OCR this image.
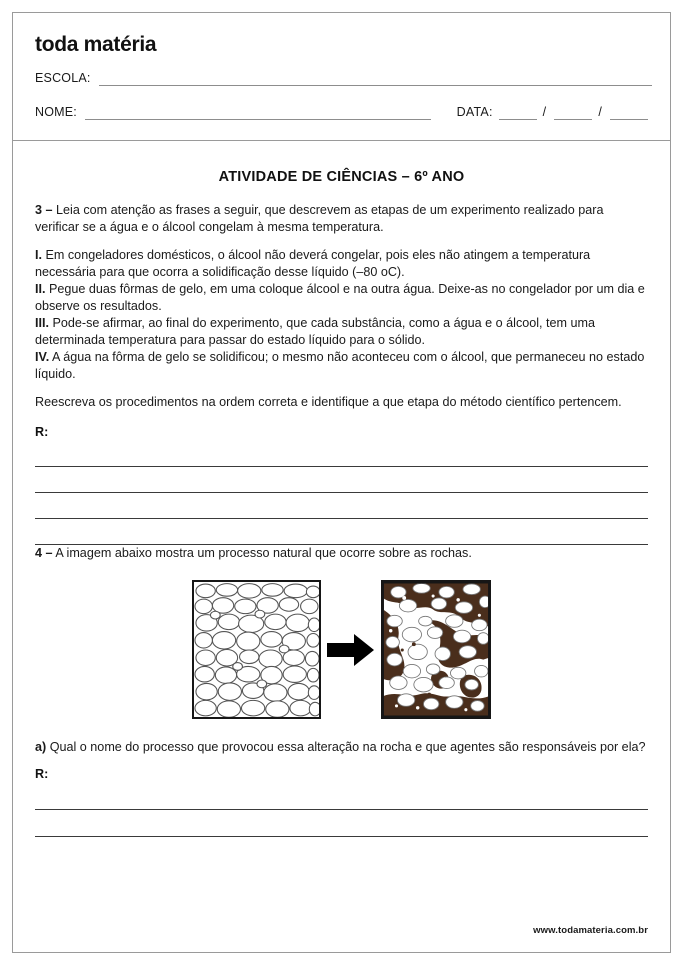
toda matéria
ESCOLA:
NOME:	DATA:	/	/
ATIVIDADE DE CIÊNCIAS – 6º ANO

3 – Leia com atenção as frases a seguir, que descrevem as etapas de um experimento realizado para verificar se a água e o álcool congelam à mesma temperatura.

I. Em congeladores domésticos, o álcool não deverá congelar, pois eles não atingem a temperatura necessária para que ocorra a solidificação desse líquido (–80 oC).
II. Pegue duas fôrmas de gelo, em uma coloque álcool e na outra água. Deixe-as no congelador por um dia e observe os resultados.
III. Pode-se afirmar, ao final do experimento, que cada substância, como a água e o álcool, tem uma determinada temperatura para passar do estado líquido para o sólido.
IV. A água na fôrma de gelo se solidificou; o mesmo não aconteceu com o álcool, que permaneceu no estado líquido.

Reescreva os procedimentos na ordem correta e identifique a que etapa do método científico pertencem.

R:

4 – A imagem abaixo mostra um processo natural que ocorre sobre as rochas.

a) Qual o nome do processo que provocou essa alteração na rocha e que agentes são responsáveis por ela?

R:
www.todamateria.com.br
